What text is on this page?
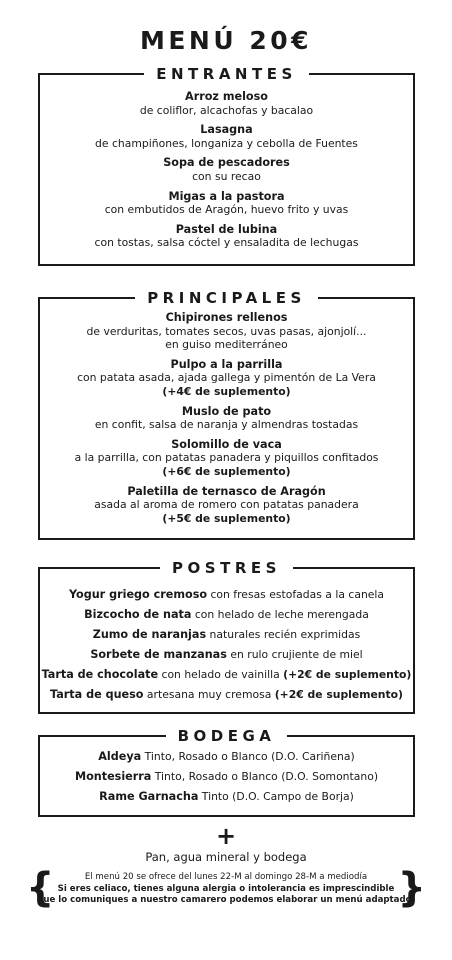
MENÚ 20€
ENTRANTES
Arroz meloso
de coliflor, alcachofas y bacalao
Lasagna
de champiñones, longaniza y cebolla de Fuentes
Sopa de pescadores
con su recao
Migas a la pastora
con embutidos de Aragón, huevo frito y uvas
Pastel de lubina
con tostas, salsa cóctel y ensaladita de lechugas
PRINCIPALES
Chipirones rellenos
de verduritas, tomates secos, uvas pasas, ajonjolí...
en guiso mediterráneo
Pulpo a la parrilla
con patata asada, ajada gallega y pimentón de La Vera
(+4€ de suplemento)
Muslo de pato
en confit, salsa de naranja y almendras tostadas
Solomillo de vaca
a la parrilla, con patatas panadera y piquillos confitados
(+6€ de suplemento)
Paletilla de ternasco de Aragón
asada al aroma de romero con patatas panadera
(+5€ de suplemento)
POSTRES
Yogur griego cremoso con fresas estofadas a la canela
Bizcocho de nata con helado de leche merengada
Zumo de naranjas naturales recién exprimidas
Sorbete de manzanas en rulo crujiente de miel
Tarta de chocolate con helado de vainilla (+2€ de suplemento)
Tarta de queso artesana muy cremosa (+2€ de suplemento)
BODEGA
Aldeya Tinto, Rosado o Blanco (D.O. Cariñena)
Montesierra Tinto, Rosado o Blanco (D.O. Somontano)
Rame Garnacha Tinto (D.O. Campo de Borja)
+
Pan, agua mineral y bodega
{	El menú 20 se ofrece del lunes 22-M al domingo 28-M a mediodía
Si eres celiaco, tienes alguna alergia o intolerancia es imprescindible
que lo comuniques a nuestro camarero podemos elaborar un menú adaptado.
}
